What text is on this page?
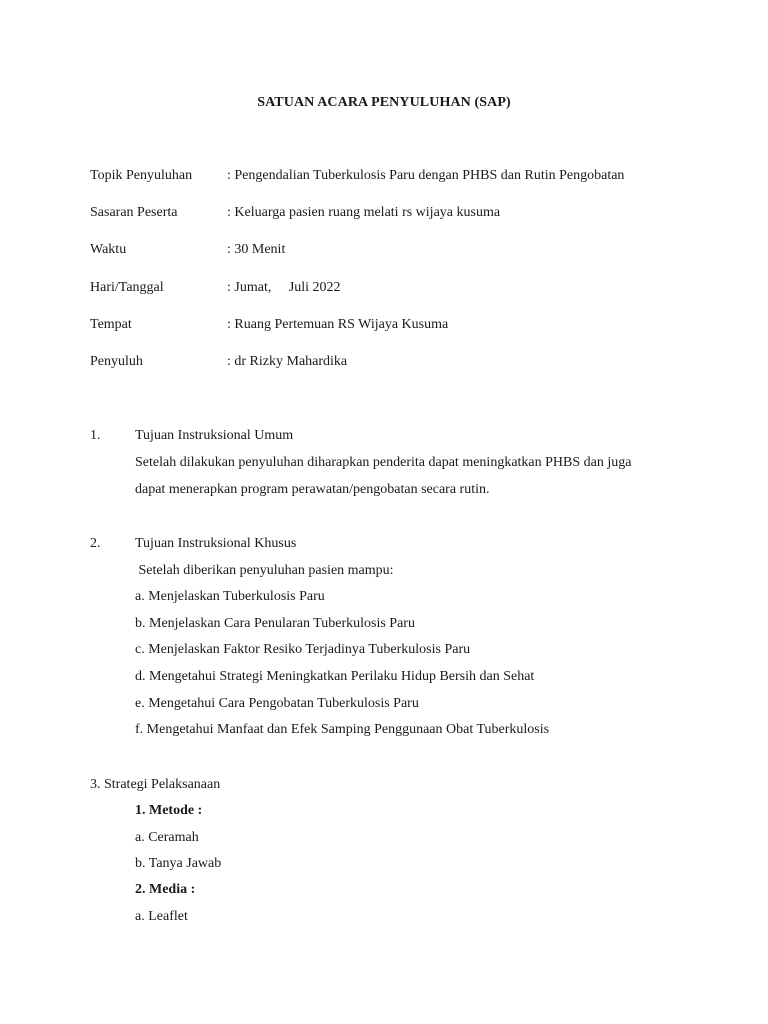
SATUAN ACARA PENYULUHAN (SAP)
Topik Penyuluhan : Pengendalian Tuberkulosis Paru dengan PHBS dan Rutin Pengobatan
Sasaran Peserta	: Keluarga pasien ruang melati rs wijaya kusuma
Waktu	: 30 Menit
Hari/Tanggal	: Jumat,     Juli 2022
Tempat	: Ruang Pertemuan RS Wijaya Kusuma
Penyuluh	: dr Rizky Mahardika
1. Tujuan Instruksional Umum
Setelah dilakukan penyuluhan diharapkan penderita dapat meningkatkan PHBS dan juga
dapat menerapkan program perawatan/pengobatan secara rutin.
2. Tujuan Instruksional Khusus
Setelah diberikan penyuluhan pasien mampu:
a. Menjelaskan Tuberkulosis Paru
b. Menjelaskan Cara Penularan Tuberkulosis Paru
c. Menjelaskan Faktor Resiko Terjadinya Tuberkulosis Paru
d. Mengetahui Strategi Meningkatkan Perilaku Hidup Bersih dan Sehat
e. Mengetahui Cara Pengobatan Tuberkulosis Paru
f. Mengetahui Manfaat dan Efek Samping Penggunaan Obat Tuberkulosis
3. Strategi Pelaksanaan
1. Metode :
a. Ceramah
b. Tanya Jawab
2. Media :
a. Leaflet
